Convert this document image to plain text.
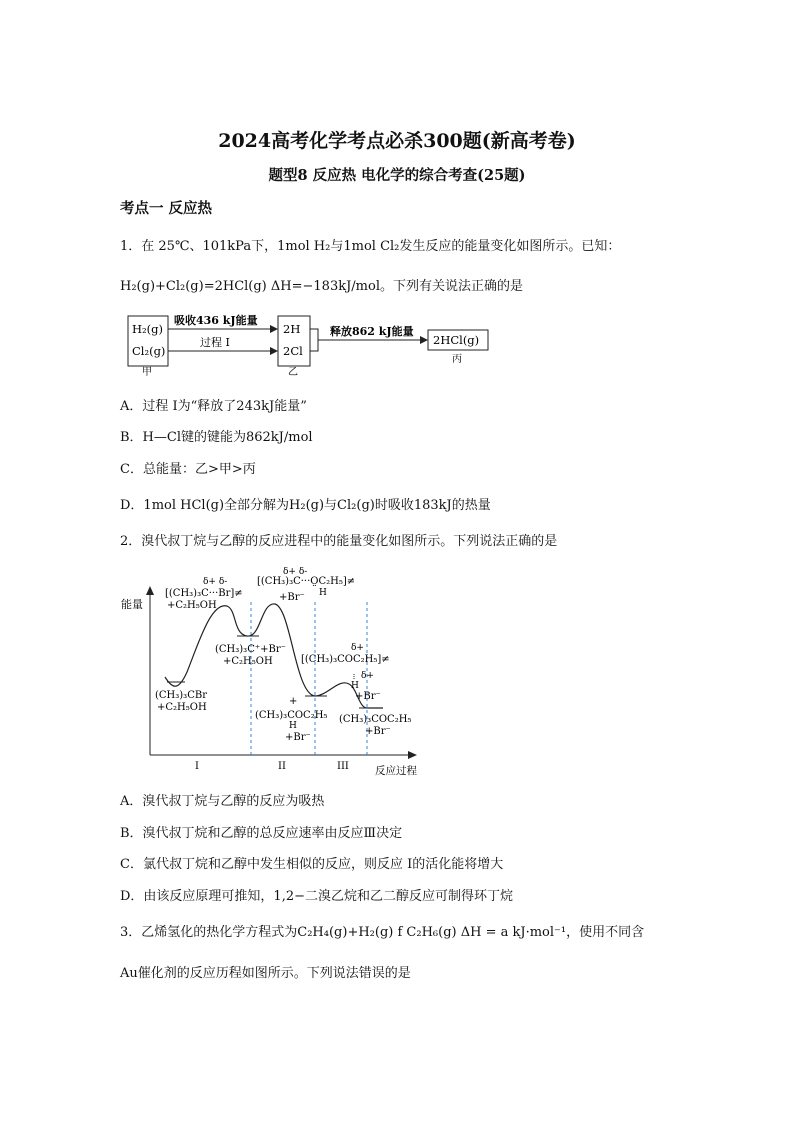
2024高考化学考点必杀300题(新高考卷)
题型8 反应热 电化学的综合考查(25题)
考点一 反应热
1．在 25℃、101kPa下，1mol H₂与1mol Cl₂发生反应的能量变化如图所示。已知：
H₂(g)+Cl₂(g)=2HCl(g) ΔH=−183kJ/mol。下列有关说法正确的是
H₂(g)
Cl₂(g)
甲
吸收436 kJ能量
过程 I
2H
2Cl
乙
释放862 kJ能量
2HCl(g)
丙
A．过程 I为“释放了243kJ能量”
B．H—Cl键的键能为862kJ/mol
C．总能量：乙>甲>丙
D．1mol HCl(g)全部分解为H₂(g)与Cl₂(g)时吸收183kJ的热量
2．溴代叔丁烷与乙醇的反应进程中的能量变化如图所示。下列说法正确的是
能量
反应过程
I	II	III
δ+ δ-
[(CH₃)₃C···Br]≠
+C₂H₅OH
δ+ δ-
[(CH₃)₃C···O̤C₂H₅]≠
H
+Br⁻
(CH₃)₃C⁺+Br⁻
+C₂H₅OH
δ+
[(CH₃)₃COC₂H₅]≠
δ+
H
+Br⁻
(CH₃)₃CBr
+C₂H₅OH
+
(CH₃)₃COC₂H₅
H
+Br⁻
(CH₃)₃COC₂H₅
+Br⁻
A．溴代叔丁烷与乙醇的反应为吸热
B．溴代叔丁烷和乙醇的总反应速率由反应Ⅲ决定
C．氯代叔丁烷和乙醇中发生相似的反应，则反应 I的活化能将增大
D．由该反应原理可推知，1,2−二溴乙烷和乙二醇反应可制得环丁烷
3．乙烯氢化的热化学方程式为C₂H₄(g)+H₂(g) f C₂H₆(g) ΔH = a kJ·mol⁻¹，使用不同含
Au催化剂的反应历程如图所示。下列说法错误的是
